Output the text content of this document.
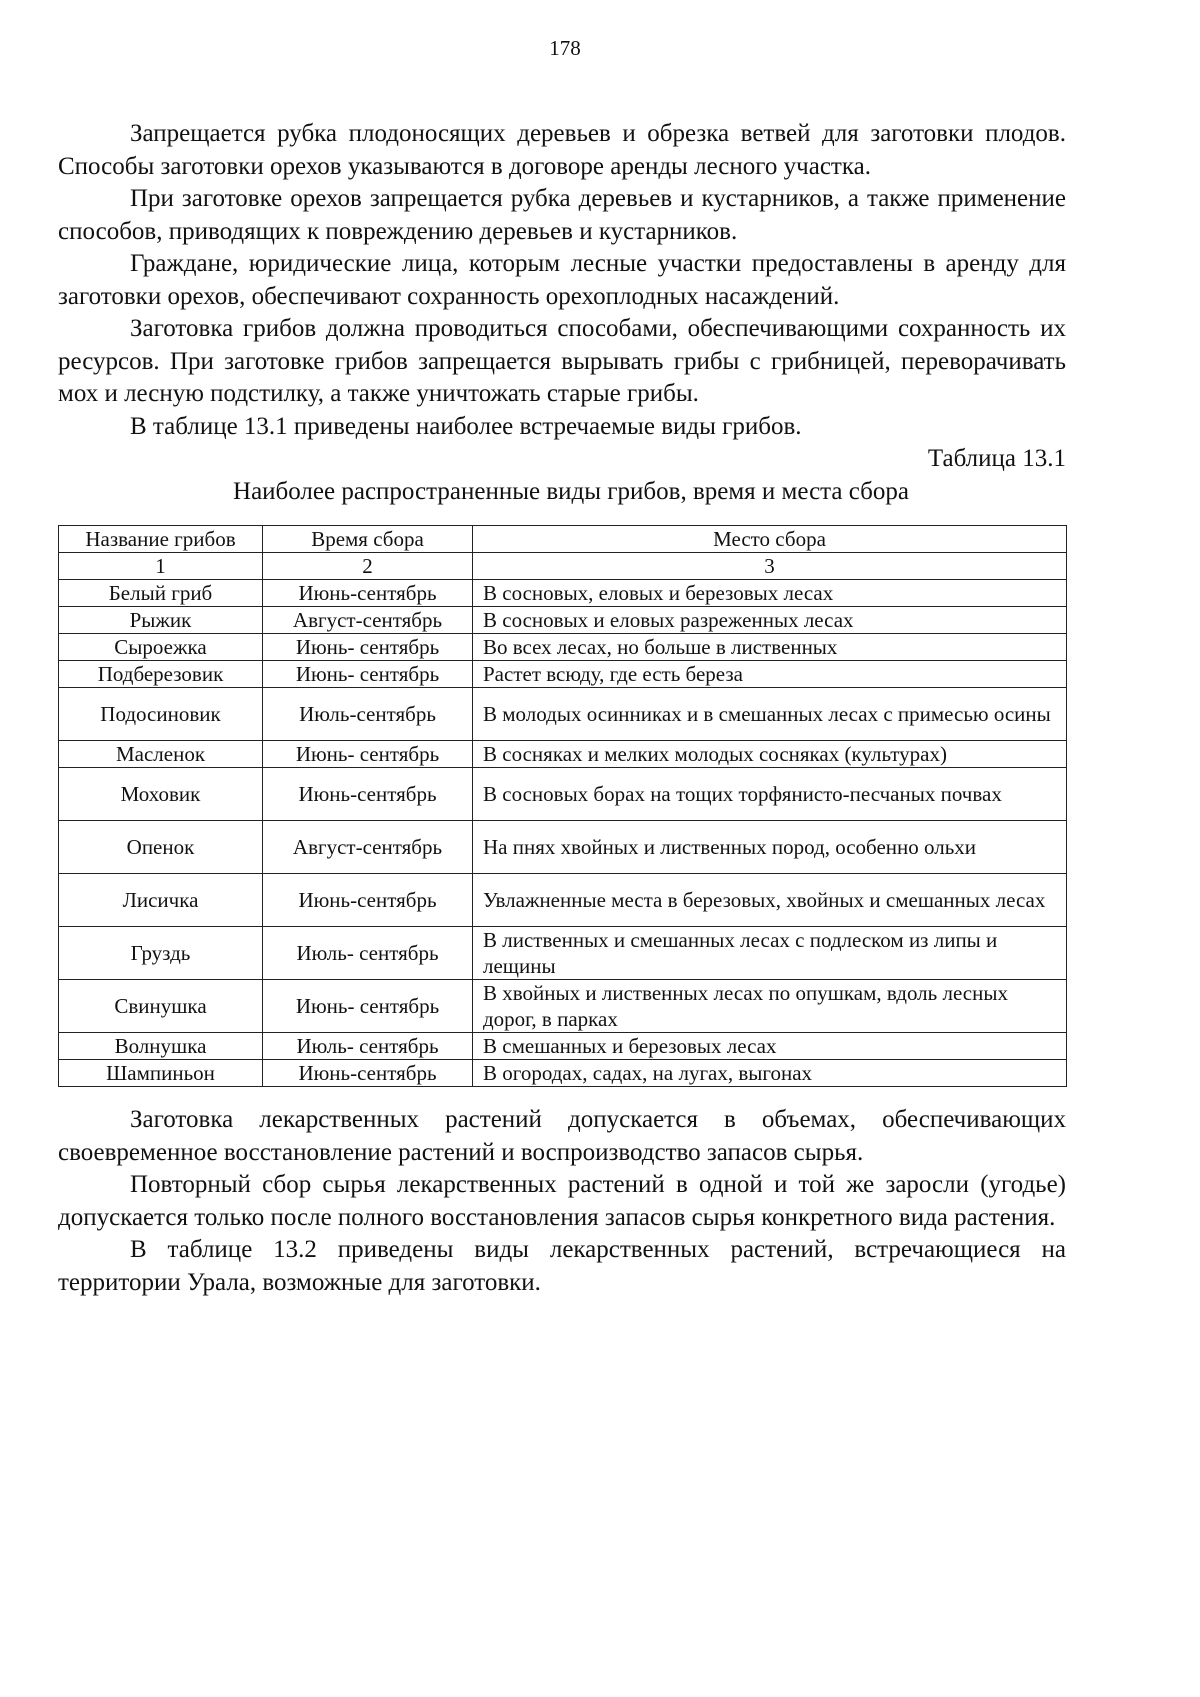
178

Запрещается рубка плодоносящих деревьев и обрезка ветвей для заготовки плодов. Способы заготовки орехов указываются в договоре аренды лесного участка.

При заготовке орехов запрещается рубка деревьев и кустарников, а также применение способов, приводящих к повреждению деревьев и кустарников.

Граждане, юридические лица, которым лесные участки предоставлены в аренду для заготовки орехов, обеспечивают сохранность орехоплодных насаждений.

Заготовка грибов должна проводиться способами, обеспечивающими сохранность их ресурсов. При заготовке грибов запрещается вырывать грибы с грибницей, переворачивать мох и лесную подстилку, а также уничтожать старые грибы.

В таблице 13.1 приведены наиболее встречаемые виды грибов.

Таблица 13.1

Наиболее распространенные виды грибов, время и места сбора

Название грибов	Время сбора	Место сбора
1	2	3
Белый гриб	Июнь-сентябрь	В сосновых, еловых и березовых лесах
Рыжик	Август-сентябрь	В сосновых и еловых разреженных лесах
Сыроежка	Июнь- сентябрь	Во всех лесах, но больше в лиственных
Подберезовик	Июнь- сентябрь	Растет всюду, где есть береза
Подосиновик	Июль-сентябрь	В молодых осинниках и в смешанных лесах с примесью осины
Масленок	Июнь- сентябрь	В сосняках и мелких молодых сосняках (культурах)
Моховик	Июнь-сентябрь	В сосновых борах на тощих торфянисто-песчаных почвах
Опенок	Август-сентябрь	На пнях хвойных и лиственных пород, особенно ольхи
Лисичка	Июнь-сентябрь	Увлажненные места в березовых, хвойных и смешанных лесах
Груздь	Июль- сентябрь	В лиственных и смешанных лесах с подлеском из липы и лещины
Свинушка	Июнь- сентябрь	В хвойных и лиственных лесах по опушкам, вдоль лесных дорог, в парках
Волнушка	Июль- сентябрь	В смешанных и березовых лесах
Шампиньон	Июнь-сентябрь	В огородах, садах, на лугах, выгонах

Заготовка лекарственных растений допускается в объемах, обеспечивающих своевременное восстановление растений и воспроизводство запасов сырья.

Повторный сбор сырья лекарственных растений в одной и той же заросли (угодье) допускается только после полного восстановления запасов сырья конкретного вида растения.

В таблице 13.2 приведены виды лекарственных растений, встречающиеся на территории Урала, возможные для заготовки.
